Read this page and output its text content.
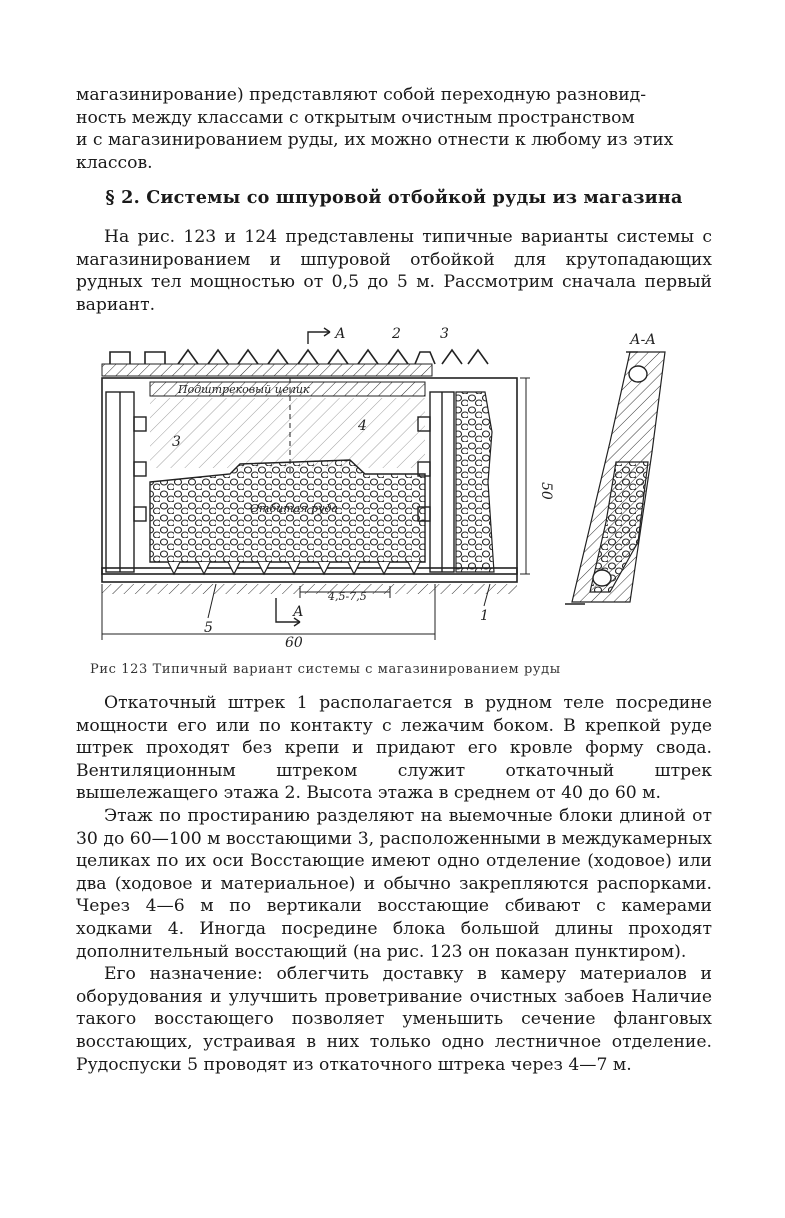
магазинирование) представляют собой переходную разновид-

ность между классами с открытым очистным пространством

и с магазинированием руды, их можно отнести к любому из этих

классов.

§ 2. Системы со шпуровой отбойкой руды из магазина

На рис. 123 и 124 представлены типичные варианты системы с магазинированием и шпуровой отбойкой для крутопадающих рудных тел мощностью от 0,5 до 5 м. Рассмотрим сначала первый вариант.

Подштрековый целик
Отбитая руда
50
4,5-7,5
60
А
А
2	3
3
4
5
1
А-А
Рис 123 Типичный вариант системы с магазинированием руды

Откаточный штрек 1 располагается в рудном теле посредине мощности его или по контакту с лежачим боком. В крепкой руде штрек проходят без крепи и придают его кровле форму свода. Вентиляционным штреком служит откаточный штрек вышележащего этажа 2. Высота этажа в среднем от 40 до 60 м.

Этаж по простиранию разделяют на выемочные блоки длиной от 30 до 60—100 м восстающими 3, расположенными в междукамерных целиках по их оси Восстающие имеют одно отделение (ходовое) или два (ходовое и материальное) и обычно закрепляются распорками. Через 4—6 м по вертикали восстающие сбивают с камерами ходками 4. Иногда посредине блока большой длины проходят дополнительный восстающий (на рис. 123 он показан пунктиром).

Его назначение: облегчить доставку в камеру материалов и оборудования и улучшить проветривание очистных забоев Наличие такого восстающего позволяет уменьшить сечение фланговых восстающих, устраивая в них только одно лестничное отделение. Рудоспуски 5 проводят из откаточного штрека через 4—7 м.
